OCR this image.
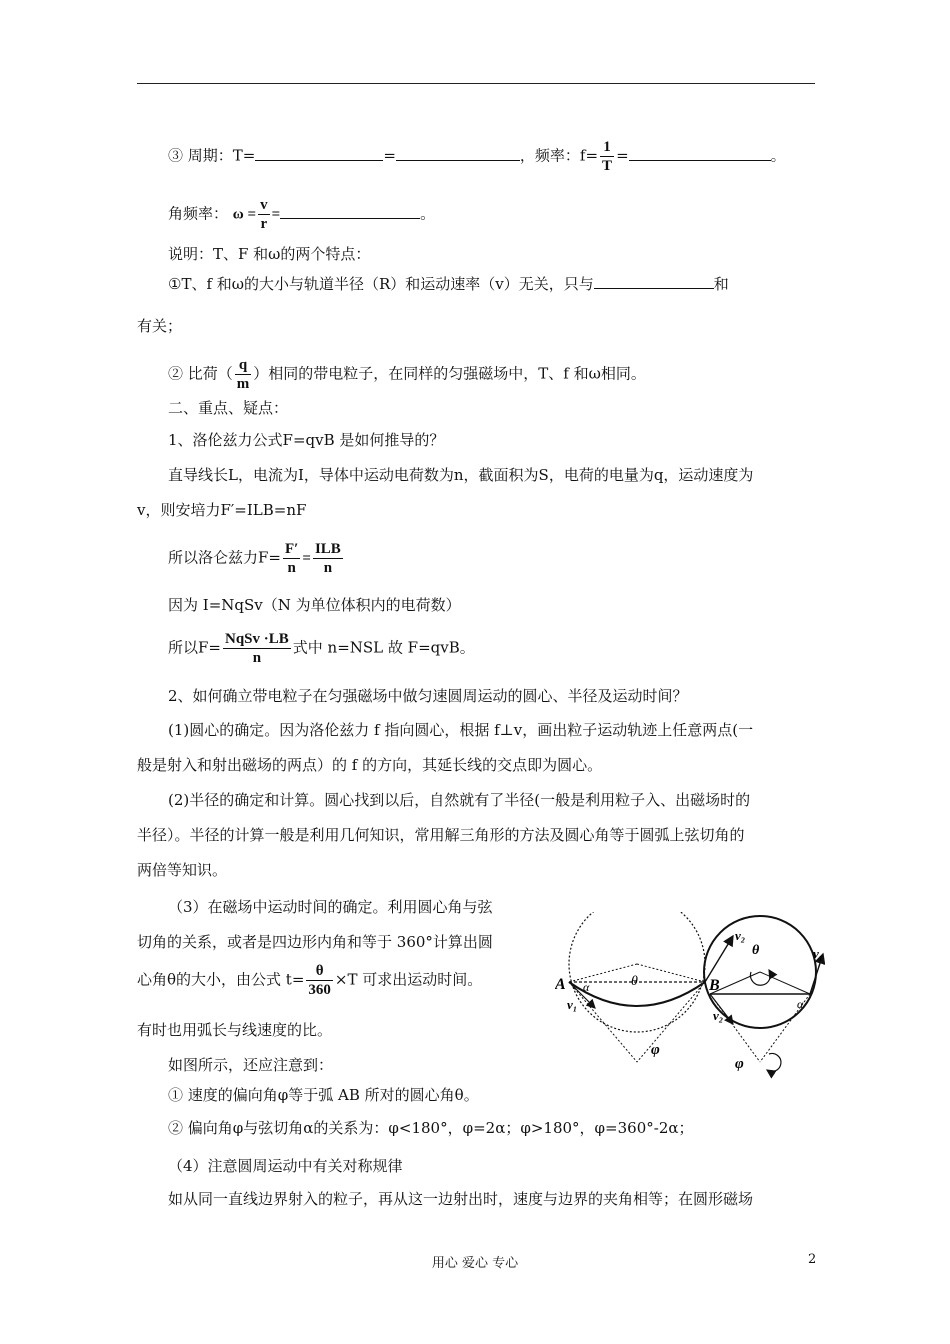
③ 周期：T=	=	，频率：$f= \frac{1}{T}$ =	。
角频率： $\omega = \frac{v}{r}$ =	。
说明：T、F 和ω的两个特点：
①T、f 和ω的大小与轨道半径（R）和运动速率（v）无关，只与	和
有关；
② 比荷（ $\frac{q}{m}$ ）相同的带电粒子，在同样的匀强磁场中，T、f 和ω相同。
二、重点、疑点：
1、洛伦兹力公式F=qvB 是如何推导的？
直导线长L，电流为I，导体中运动电荷数为n，截面积为S，电荷的电量为q，运动速度为
v，则安培力F′=ILB=nF
所以洛仑兹力$F= \frac{F'}{n} = \frac{\text{ILB}}{n}$
因为 I=NqSv（N 为单位体积内的电荷数）
所以$F= \frac{\text{NqSv ·LB}}{n}$ 式中 n=NSL 故 F=qvB。
2、如何确立带电粒子在匀强磁场中做匀速圆周运动的圆心、半径及运动时间？
(1)圆心的确定。因为洛伦兹力 f 指向圆心，根据 f⊥v，画出粒子运动轨迹上任意两点(一
般是射入和射出磁场的两点）的 f 的方向，其延长线的交点即为圆心。
(2)半径的确定和计算。圆心找到以后，自然就有了半径(一般是利用粒子入、出磁场时的
半径）。半径的计算一般是利用几何知识，常用解三角形的方法及圆心角等于圆弧上弦切角的
两倍等知识。
（3）在磁场中运动时间的确定。利用圆心角与弦
切角的关系，或者是四边形内角和等于 360°计算出圆
心角θ的大小，由公式 $t= \frac{\theta}{360} \times T$ 可求出运动时间。
有时也用弧长与线速度的比。
如图所示，还应注意到：
① 速度的偏向角φ等于弧 AB 所对的圆心角θ。
② 偏向角φ与弦切角α的关系为：φ<180°，φ=2α；φ>180°，φ=360°-2α；
（4）注意圆周运动中有关对称规律
如从同一直线边界射入的粒子，再从这一边射出时，速度与边界的夹角相等；在圆形磁场
A	B
θ
α
v₁
v₂
φ
θ
α
v₁
v₂
φ
用心 爱心 专心	2
